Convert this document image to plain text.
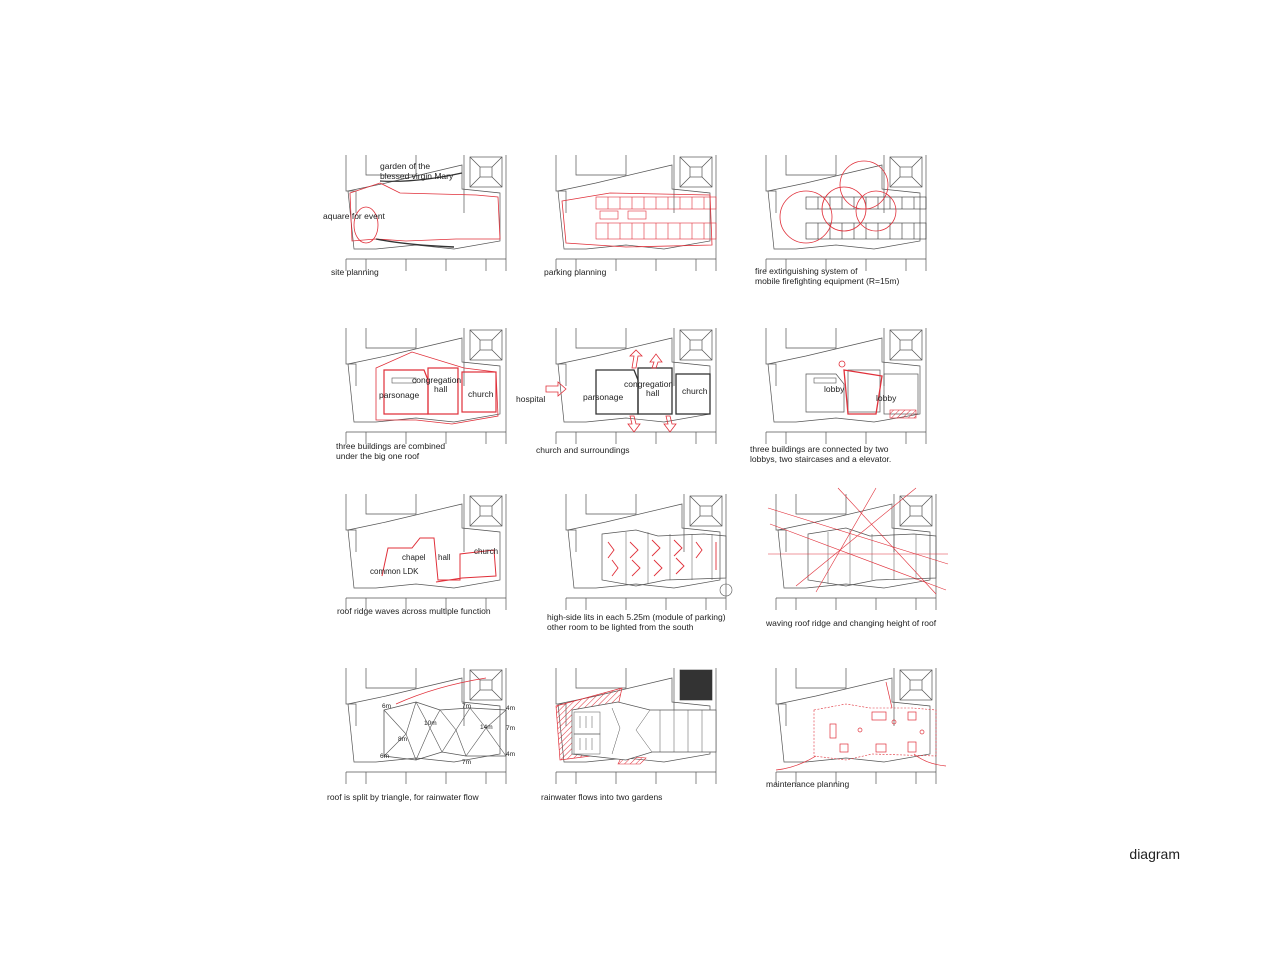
garden of the
blessed virgin Mary
aquare for event
congregation
hall
parsonage	church	hospital
congregation
hall
parsonage
church	lobby
lobby
chapel hall
church
common LDK
6m	7m	4m
10m
14m 7m
8m
6m
7m
4m
site planning	parking planning	fire extinguishing system of
mobile firefighting equipment (R=15m)
three buildings are combined
under the big one roof
church and surroundings	three buildings are connected by two
lobbys, two staircases and a elevator.
roof ridge waves across multiple function
high-side lits in each 5.25m (module of parking)
other room to be lighted from the south	waving roof ridge and changing height of roof
roof is split by triangle, for rainwater flow	rainwater flows into two gardens
maintenance planning
diagram
